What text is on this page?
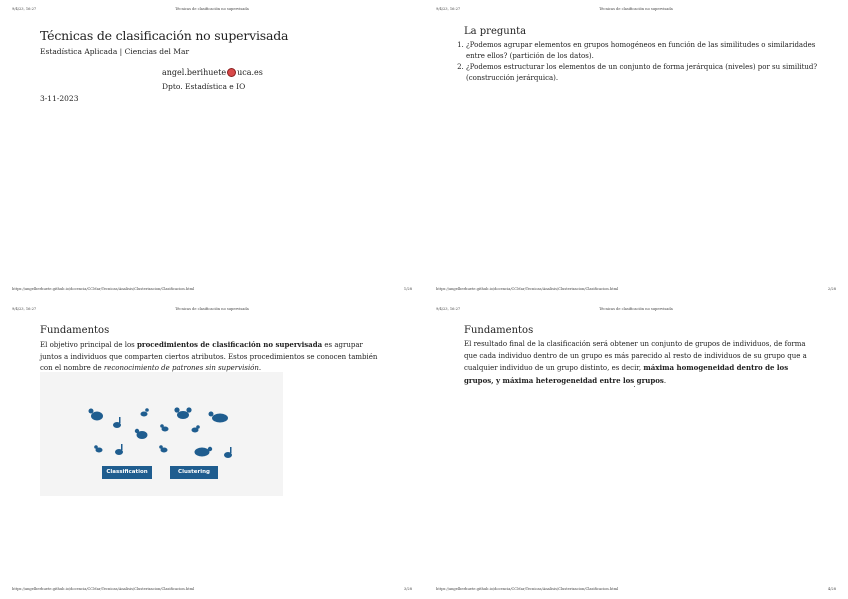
9/4/23, 16:27	Técnicas de clasificación no supervisada
Técnicas de clasificación no supervisada
Estadística Aplicada | Ciencias del Mar
angel.berihuete uca.es
Dpto. Estadística e IO
3-11-2023
https://angelberhuete.github.io/docencia/CCMar/Tecnicas/Analisis/Clusterizacion/Clasificacion.html	1/28
9/4/23, 16:27	Técnicas de clasificación no supervisada
La pregunta
1. ¿Podemos agrupar elementos en grupos homogéneos en función de las similitudes o similaridades entre ellos? (partición de los datos).
2. ¿Podemos estructurar los elementos de un conjunto de forma jerárquica (niveles) por su similitud? (construcción jerárquica).
https://angelberhuete.github.io/docencia/CCMar/Tecnicas/Analisis/Clusterizacion/Clasificacion.html	2/28
9/4/23, 16:27	Técnicas de clasificación no supervisada
Fundamentos
El objetivo principal de los procedimientos de clasificación no supervisada es agrupar juntos a individuos que comparten ciertos atributos. Estos procedimientos se conocen también con el nombre de reconocimiento de patrones sin supervisión.
Classification	Clustering
https://angelberhuete.github.io/docencia/CCMar/Tecnicas/Analisis/Clusterizacion/Clasificacion.html	3/28
9/4/23, 16:27	Técnicas de clasificación no supervisada
Fundamentos
El resultado final de la clasificación será obtener un conjunto de grupos de individuos, de forma que cada individuo dentro de un grupo es más parecido al resto de individuos de su grupo que a cualquier individuo de un grupo distinto, es decir, máxima homogeneidad dentro de los grupos, y máxima heterogeneidad entre los grupos.
https://angelberhuete.github.io/docencia/CCMar/Tecnicas/Analisis/Clusterizacion/Clasificacion.html	4/28
